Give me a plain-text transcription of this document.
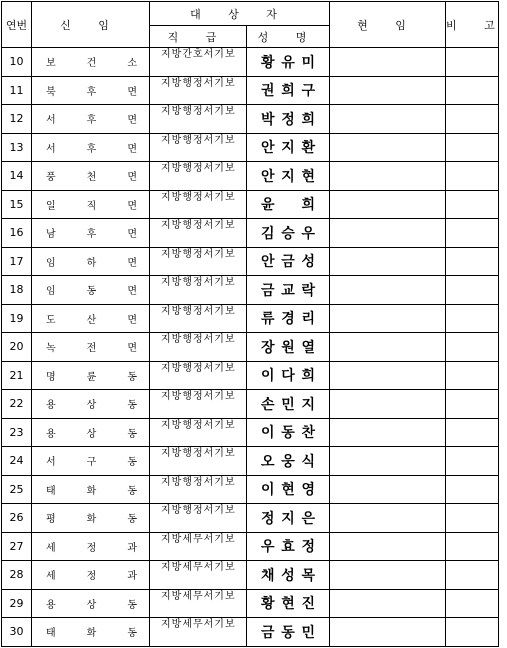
연번	신 임	대 상 자		현 임	비 고
		직 급	성 명		
10	보 건 소	지방간호서기보	황 유 미		

11	북 후 면	지방행정서기보	권 희 구		

12	서 후 면	지방행정서기보	박 정 희		

13	서 후 면	지방행정서기보	안 지 환		

14	풍 천 면	지방행정서기보	안 지 현		

15	일 직 면	지방행정서기보	윤 희		

16	남 후 면	지방행정서기보	김 승 우		

17	임 하 면	지방행정서기보	안 금 성		

18	임 동 면	지방행정서기보	금 교 락		

19	도 산 면	지방행정서기보	류 경 리		

20	녹 전 면	지방행정서기보	장 원 열		

21	명 륜 동	지방행정서기보	이 다 희		

22	용 상 동	지방행정서기보	손 민 지		

23	용 상 동	지방행정서기보	이 동 찬		

24	서 구 동	지방행정서기보	오 웅 식		

25	태 화 동	지방행정서기보	이 현 영		

26	평 화 동	지방행정서기보	정 지 은		

27	세 정 과	지방세무서기보	우 효 정		

28	세 정 과	지방세무서기보	채 성 목		

29	용 상 동	지방세무서기보	황 현 진		

30	태 화 동	지방세무서기보	금 동 민		
